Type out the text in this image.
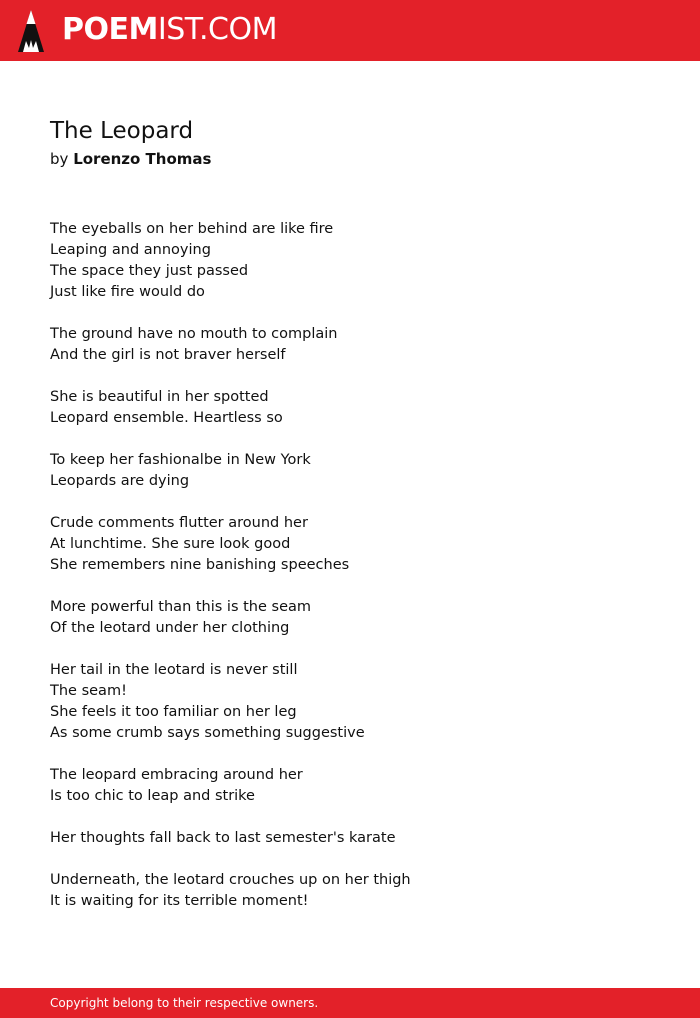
POEMIST.COM
The Leopard
by Lorenzo Thomas
The eyeballs on her behind are like fire
Leaping and annoying
The space they just passed
Just like fire would do
The ground have no mouth to complain
And the girl is not braver herself
She is beautiful in her spotted
Leopard ensemble. Heartless so
To keep her fashionalbe in New York
Leopards are dying
Crude comments flutter around her
At lunchtime. She sure look good
She remembers nine banishing speeches
More powerful than this is the seam
Of the leotard under her clothing
Her tail in the leotard is never still
The seam!
She feels it too familiar on her leg
As some crumb says something suggestive
The leopard embracing around her
Is too chic to leap and strike
Her thoughts fall back to last semester's karate
Underneath, the leotard crouches up on her thigh
It is waiting for its terrible moment!
Copyright belong to their respective owners.
